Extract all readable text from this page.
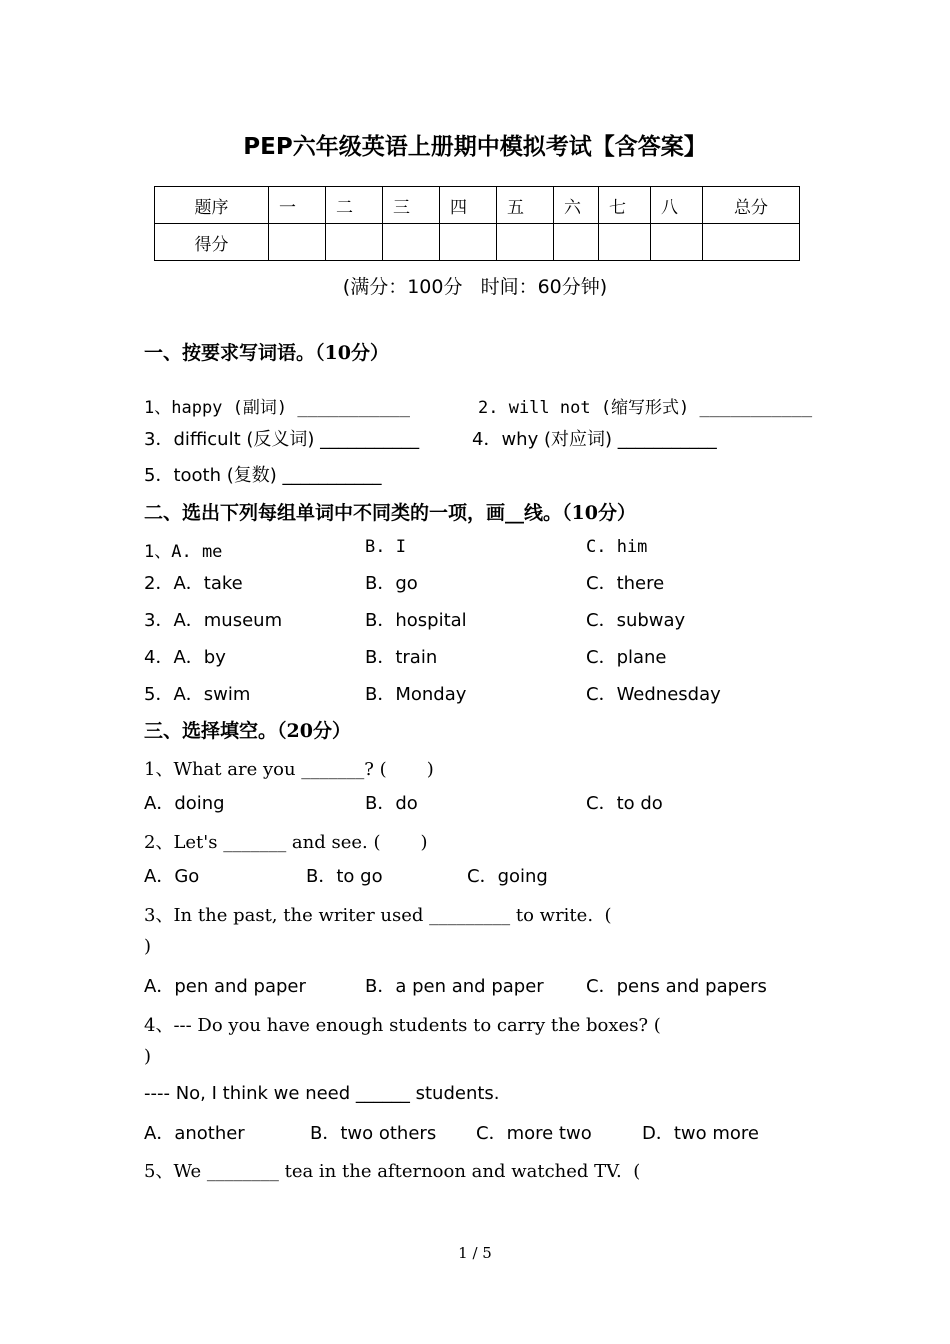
PEP六年级英语上册期中模拟考试【含答案】
题序	一	二	三	四	五	六	七	八	总分
得分									
(满分：100分   时间：60分钟)
一、按要求写词语。（10分）
1、happy (副词) ___________	2. will not (缩写形式) ___________
3．difficult (反义词) ___________	4．why (对应词) ___________
5．tooth (复数) ___________
二、选出下列每组单词中不同类的一项，画__线。（10分）
1、A. me	B. I	C. him
2．A．take	B．go	C．there
3．A．museum	B．hospital	C．subway
4．A．by	B．train	C．plane
5．A．swim	B．Monday	C．Wednesday
三、选择填空。（20分）
1、What are you _______? (       )
A．doing	B．do	C．to do
2、Let's _______ and see. (       )
A．Go	B．to go	C．going
3、In the past, the writer used _________ to write.  (
)
A．pen and paper	B．a pen and paper C．pens and papers
4、--- Do you have enough students to carry the boxes? (
)
---- No, I think we need ______ students.
A．another	B．two others C．more two	D．two more
5、We ________ tea in the afternoon and watched TV.  (
1 / 5
